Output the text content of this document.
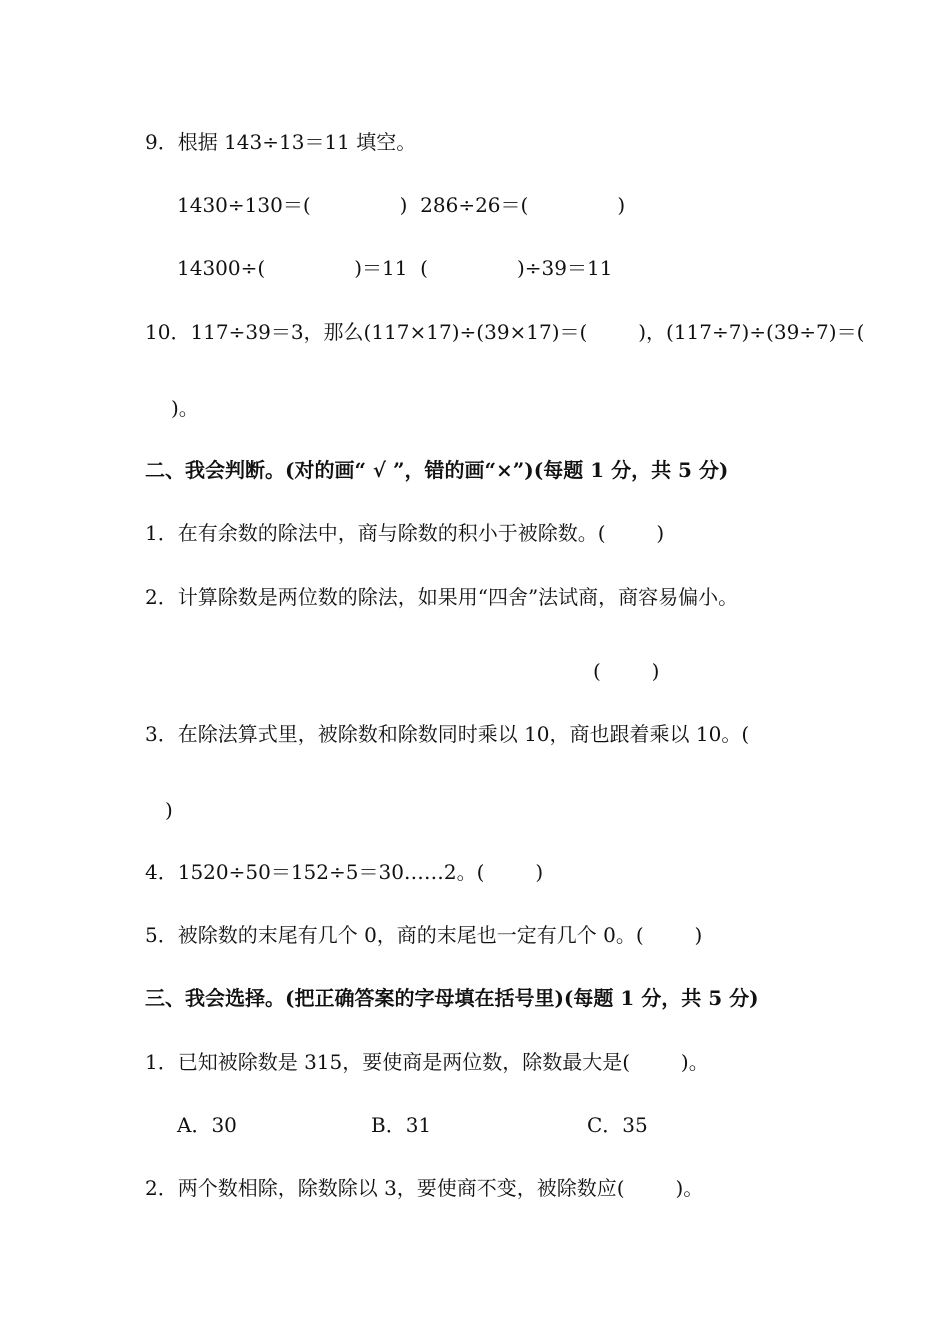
9．根据 143÷13＝11 填空。
1430÷130＝(              )  286÷26＝(              )
14300÷(              )＝11  (              )÷39＝11
10．117÷39＝3，那么(117×17)÷(39×17)＝(        )，(117÷7)÷(39÷7)＝(
)。
二、我会判断。(对的画“ √ ”，错的画“×”)(每题 1 分，共 5 分)
1．在有余数的除法中，商与除数的积小于被除数。(        )
2．计算除数是两位数的除法，如果用“四舍”法试商，商容易偏小。
(        )
3．在除法算式里，被除数和除数同时乘以 10，商也跟着乘以 10。(
)
4．1520÷50＝152÷5＝30……2。(        )
5．被除数的末尾有几个 0，商的末尾也一定有几个 0。(        )
三、我会选择。(把正确答案的字母填在括号里)(每题 1 分，共 5 分)
1．已知被除数是 315，要使商是两位数，除数最大是(        )。
A．30	B．31	C．35
2．两个数相除，除数除以 3，要使商不变，被除数应(        )。
